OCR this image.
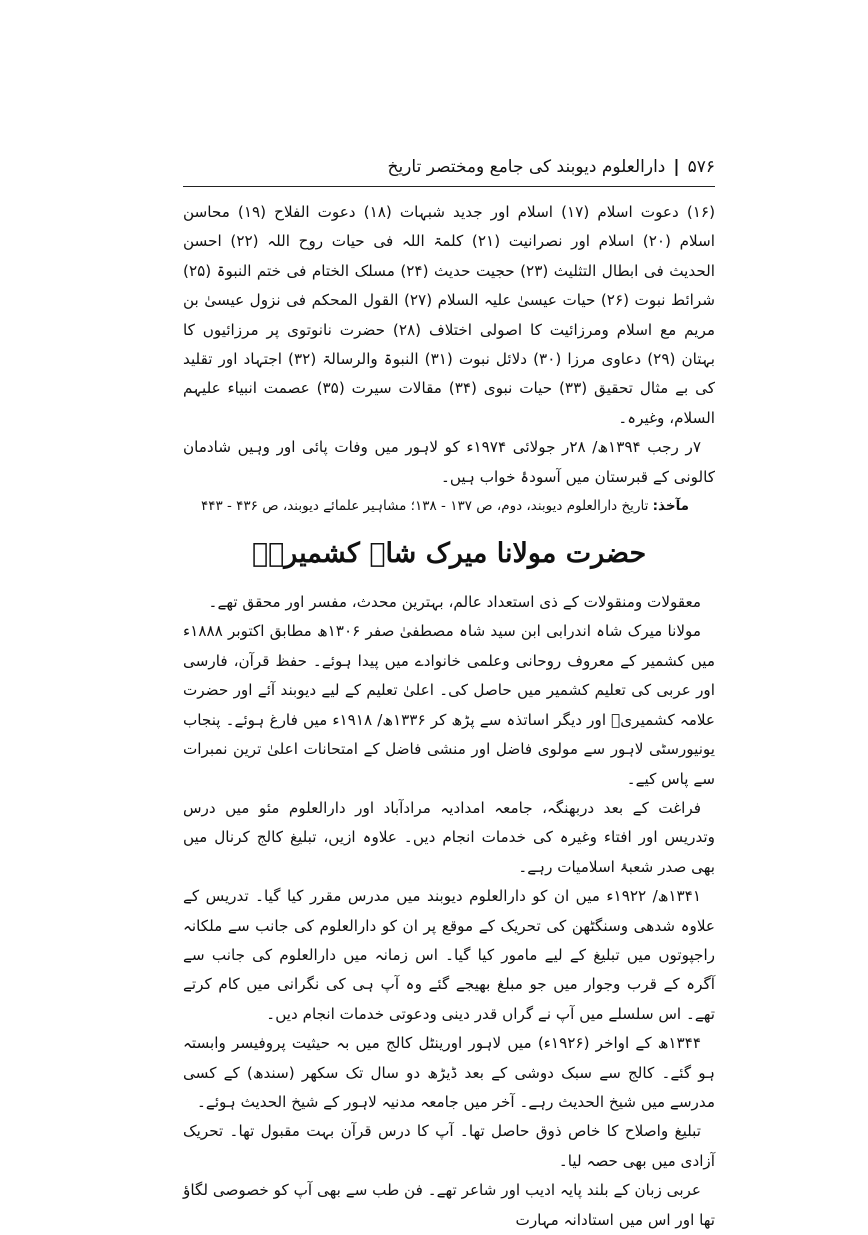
۵۷۶
|
دارالعلوم دیوبند کی جامع ومختصر تاریخ

(۱۶) دعوت اسلام (۱۷) اسلام اور جدید شبہات (۱۸) دعوت الفلاح (۱۹) محاسن اسلام (۲۰) اسلام اور نصرانیت (۲۱) کلمۃ اللہ فی حیات روح اللہ (۲۲) احسن الحدیث فی ابطال التثلیث (۲۳) حجیت حدیث (۲۴) مسلک الختام فی ختم النبوۃ (۲۵) شرائط نبوت (۲۶) حیات عیسیٰ علیہ السلام (۲۷) القول المحکم فی نزول عیسیٰ بن مریم مع اسلام ومرزائیت کا اصولی اختلاف (۲۸) حضرت نانوتوی پر مرزائیوں کا بہتان (۲۹) دعاوی مرزا (۳۰) دلائل نبوت (۳۱) النبوۃ والرسالۃ (۳۲) اجتہاد اور تقلید کی بے مثال تحقیق (۳۳) حیات نبوی (۳۴) مقالات سیرت (۳۵) عصمت انبیاء علیہم السلام، وغیرہ۔

۷ر رجب ۱۳۹۴ھ/ ۲۸ر جولائی ۱۹۷۴ء کو لاہور میں وفات پائی اور وہیں شادمان کالونی کے قبرستان میں آسودۂ خواب ہیں۔

مآخذ: تاریخ دارالعلوم دیوبند، دوم، ص ۱۳۷ - ۱۳۸؛ مشاہیر علمائے دیوبند، ص ۴۳۶ - ۴۴۳

حضرت مولانا میرک شاہ کشمیریؒ

معقولات ومنقولات کے ذی استعداد عالم، بہترین محدث، مفسر اور محقق تھے۔

مولانا میرک شاہ اندرابی ابن سید شاہ مصطفیٰ صفر ۱۳۰۶ھ مطابق اکتوبر ۱۸۸۸ء میں کشمیر کے معروف روحانی وعلمی خانوادے میں پیدا ہوئے۔ حفظ قرآن، فارسی اور عربی کی تعلیم کشمیر میں حاصل کی۔ اعلیٰ تعلیم کے لیے دیوبند آئے اور حضرت علامہ کشمیریؒ اور دیگر اساتذہ سے پڑھ کر ۱۳۳۶ھ/ ۱۹۱۸ء میں فارغ ہوئے۔ پنجاب یونیورسٹی لاہور سے مولوی فاضل اور منشی فاضل کے امتحانات اعلیٰ ترین نمبرات سے پاس کیے۔

فراغت کے بعد دربھنگہ، جامعہ امدادیہ مرادآباد اور دارالعلوم مئو میں درس وتدریس اور افتاء وغیرہ کی خدمات انجام دیں۔ علاوہ ازیں، تبلیغ کالج کرنال میں بھی صدر شعبۂ اسلامیات رہے۔

۱۳۴۱ھ/ ۱۹۲۲ء میں ان کو دارالعلوم دیوبند میں مدرس مقرر کیا گیا۔ تدریس کے علاوہ شدھی وسنگٹھن کی تحریک کے موقع پر ان کو دارالعلوم کی جانب سے ملکانہ راجپوتوں میں تبلیغ کے لیے مامور کیا گیا۔ اس زمانہ میں دارالعلوم کی جانب سے آگرہ کے قرب وجوار میں جو مبلغ بھیجے گئے وہ آپ ہی کی نگرانی میں کام کرتے تھے۔ اس سلسلے میں آپ نے گراں قدر دینی ودعوتی خدمات انجام دیں۔

۱۳۴۴ھ کے اواخر (۱۹۲۶ء) میں لاہور اورینٹل کالج میں بہ حیثیت پروفیسر وابستہ ہو گئے۔ کالج سے سبک دوشی کے بعد ڈیڑھ دو سال تک سکھر (سندھ) کے کسی مدرسے میں شیخ الحدیث رہے۔ آخر میں جامعہ مدنیہ لاہور کے شیخ الحدیث ہوئے۔

تبلیغ واصلاح کا خاص ذوق حاصل تھا۔ آپ کا درس قرآن بہت مقبول تھا۔ تحریک آزادی میں بھی حصہ لیا۔

عربی زبان کے بلند پایہ ادیب اور شاعر تھے۔ فن طب سے بھی آپ کو خصوصی لگاؤ تھا اور اس میں استادانہ مہارت
